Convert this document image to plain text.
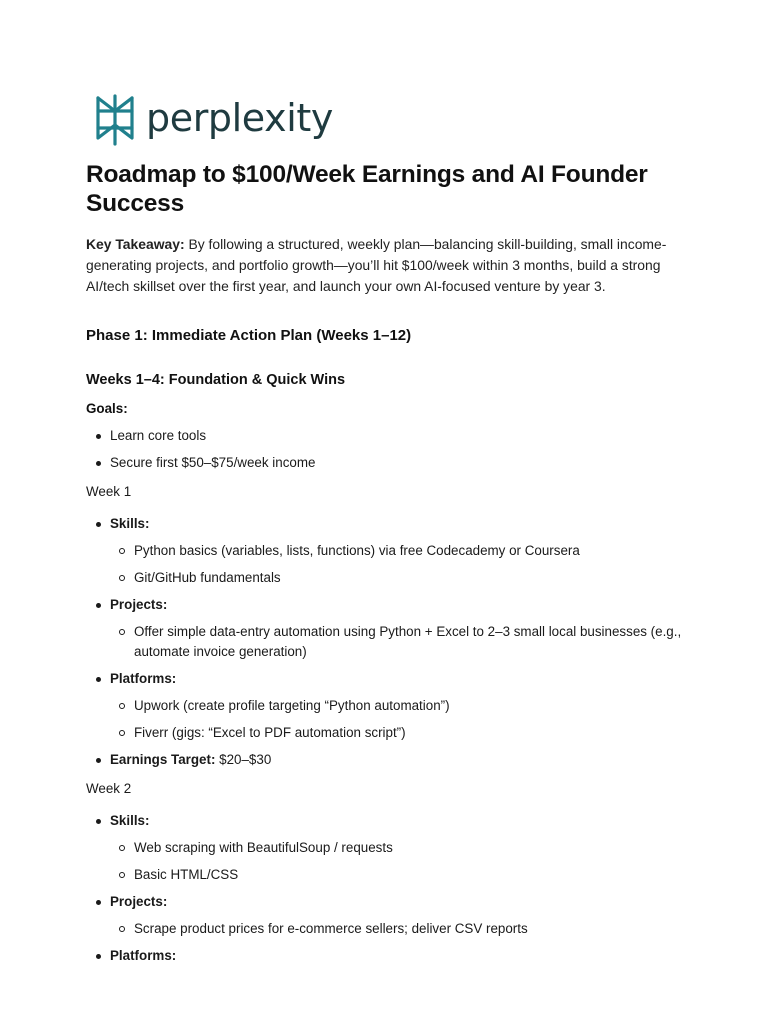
perplexity
Roadmap to $100/Week Earnings and AI Founder Success

Key Takeaway: By following a structured, weekly plan—balancing skill-building, small income-generating projects, and portfolio growth—you’ll hit $100/week within 3 months, build a strong AI/tech skillset over the first year, and launch your own AI-focused venture by year 3.

Phase 1: Immediate Action Plan (Weeks 1–12)
Weeks 1–4: Foundation & Quick Wins
Goals:
Learn core tools
Secure first $50–$75/week income
Week 1
Skills:
Python basics (variables, lists, functions) via free Codecademy or Coursera
Git/GitHub fundamentals
Projects:
Offer simple data-entry automation using Python + Excel to 2–3 small local businesses (e.g., automate invoice generation)
Platforms:
Upwork (create profile targeting “Python automation”)
Fiverr (gigs: “Excel to PDF automation script”)
Earnings Target: $20–$30
Week 2
Skills:
Web scraping with BeautifulSoup / requests
Basic HTML/CSS
Projects:
Scrape product prices for e-commerce sellers; deliver CSV reports
Platforms:
